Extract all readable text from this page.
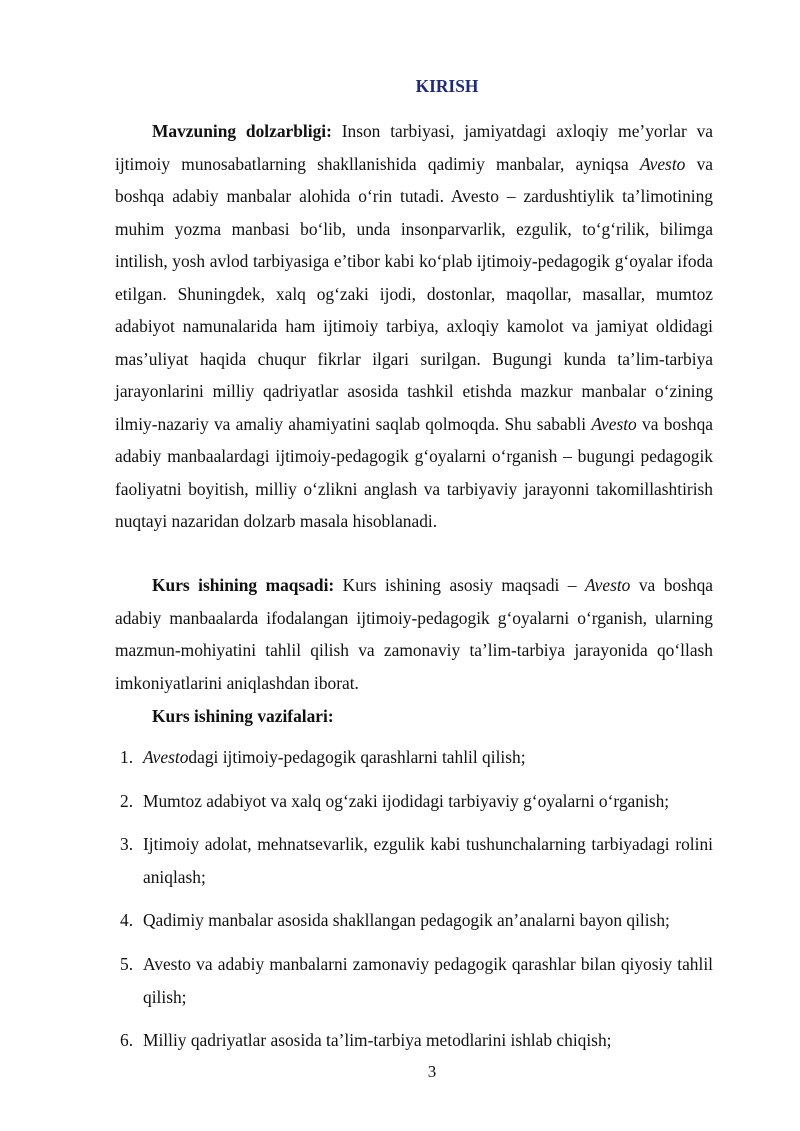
KIRISH

Mavzuning dolzarbligi: Inson tarbiyasi, jamiyatdagi axloqiy me’yorlar va ijtimoiy munosabatlarning shakllanishida qadimiy manbalar, ayniqsa Avesto va boshqa adabiy manbalar alohida o‘rin tutadi. Avesto – zardushtiylik ta’limotining muhim yozma manbasi bo‘lib, unda insonparvarlik, ezgulik, to‘g‘rilik, bilimga intilish, yosh avlod tarbiyasiga e’tibor kabi ko‘plab ijtimoiy-pedagogik g‘oyalar ifoda etilgan. Shuningdek, xalq og‘zaki ijodi, dostonlar, maqollar, masallar, mumtoz adabiyot namunalarida ham ijtimoiy tarbiya, axloqiy kamolot va jamiyat oldidagi mas’uliyat haqida chuqur fikrlar ilgari surilgan. Bugungi kunda ta’lim-tarbiya jarayonlarini milliy qadriyatlar asosida tashkil etishda mazkur manbalar o‘zining ilmiy-nazariy va amaliy ahamiyatini saqlab qolmoqda. Shu sababli Avesto va boshqa adabiy manbaalardagi ijtimoiy-pedagogik g‘oyalarni o‘rganish – bugungi pedagogik faoliyatni boyitish, milliy o‘zlikni anglash va tarbiyaviy jarayonni takomillashtirish nuqtayi nazaridan dolzarb masala hisoblanadi.

Kurs ishining maqsadi: Kurs ishining asosiy maqsadi – Avesto va boshqa adabiy manbaalarda ifodalangan ijtimoiy-pedagogik g‘oyalarni o‘rganish, ularning mazmun-mohiyatini tahlil qilish va zamonaviy ta’lim-tarbiya jarayonida qo‘llash imkoniyatlarini aniqlashdan iborat.

Kurs ishining vazifalari:

1. Avestodagi ijtimoiy-pedagogik qarashlarni tahlil qilish;
2. Mumtoz adabiyot va xalq og‘zaki ijodidagi tarbiyaviy g‘oyalarni o‘rganish;
3. Ijtimoiy adolat, mehnatsevarlik, ezgulik kabi tushunchalarning tarbiyadagi rolini aniqlash;
4. Qadimiy manbalar asosida shakllangan pedagogik an’analarni bayon qilish;
5. Avesto va adabiy manbalarni zamonaviy pedagogik qarashlar bilan qiyosiy tahlil qilish;
6. Milliy qadriyatlar asosida ta’lim-tarbiya metodlarini ishlab chiqish;
3
